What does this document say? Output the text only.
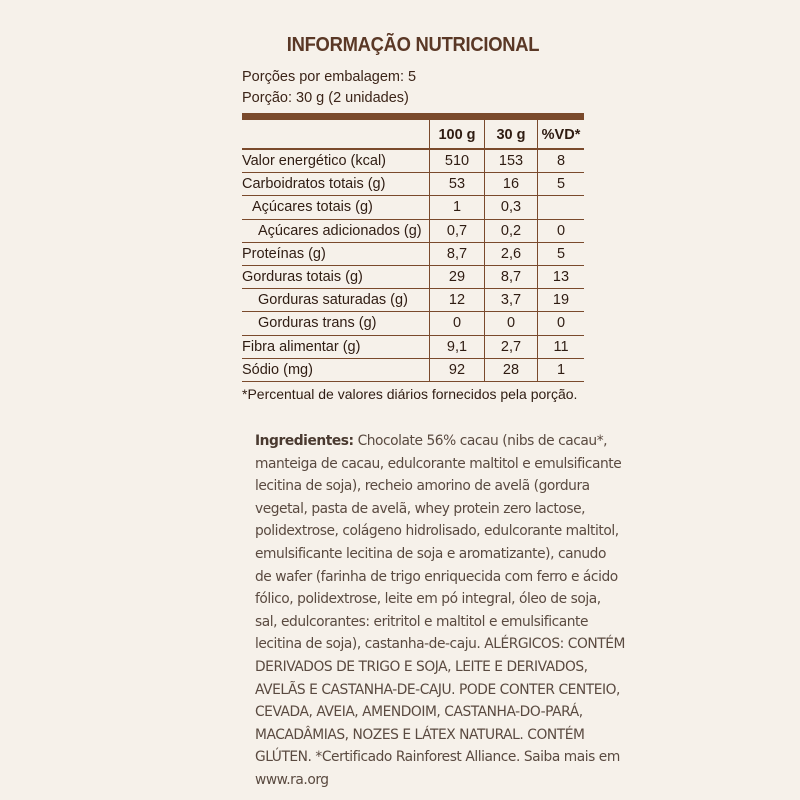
INFORMAÇÃO NUTRICIONAL
Porções por embalagem: 5
Porção: 30 g (2 unidades)
	100 g	30 g	%VD*
Valor energético (kcal)	510	153	8
Carboidratos totais (g)	53	16	5
Açúcares totais (g)	1	0,3	
Açúcares adicionados (g)	0,7	0,2	0
Proteínas (g)	8,7	2,6	5
Gorduras totais (g)	29	8,7	13
Gorduras saturadas (g)	12	3,7	19
Gorduras trans (g)	0	0	0
Fibra alimentar (g)	9,1	2,7	11
Sódio (mg)	92	28	1
*Percentual de valores diários fornecidos pela porção.
Ingredientes: Chocolate 56% cacau (nibs de cacau*, manteiga de cacau, edulcorante maltitol e emulsificante lecitina de soja), recheio amorino de avelã (gordura vegetal, pasta de avelã, whey protein zero lactose, polidextrose, colágeno hidrolisado, edulcorante maltitol, emulsificante lecitina de soja e aromatizante), canudo de wafer (farinha de trigo enriquecida com ferro e ácido fólico, polidextrose, leite em pó integral, óleo de soja, sal, edulcorantes: eritritol e maltitol e emulsificante lecitina de soja), castanha-de-caju. ALÉRGICOS: CONTÉM DERIVADOS DE TRIGO E SOJA, LEITE E DERIVADOS, AVELÃS E CASTANHA-DE-CAJU. PODE CONTER CENTEIO, CEVADA, AVEIA, AMENDOIM, CASTANHA-DO-PARÁ, MACADÂMIAS, NOZES E LÁTEX NATURAL. CONTÉM GLÚTEN. *Certificado Rainforest Alliance. Saiba mais em www.ra.org
